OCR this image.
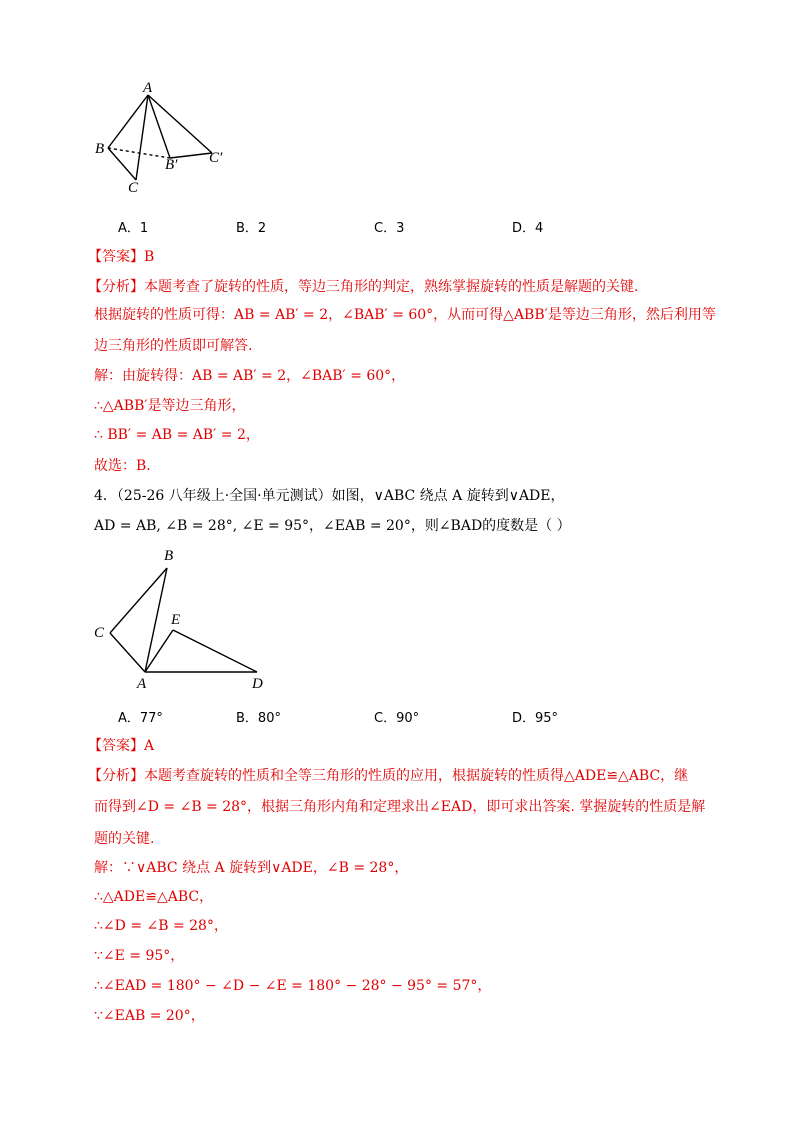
A
B
B′
C
C′
A．1	B．2	C．3	D．4
【答案】B
【分析】本题考查了旋转的性质，等边三角形的判定，熟练掌握旋转的性质是解题的关键.
根据旋转的性质可得：AB = AB′ = 2，∠BAB′ = 60°，从而可得△ABB′是等边三角形，然后利用等
边三角形的性质即可解答.
解：由旋转得：AB = AB′ = 2，∠BAB′ = 60°，
∴△ABB′是等边三角形，
∴ BB′ = AB = AB′ = 2，
故选：B.
4．（25-26 八年级上·全国·单元测试）如图，∨ABC 绕点 A 旋转到∨ADE，
AD = AB, ∠B = 28°, ∠E = 95°，∠EAB = 20°，则∠BAD的度数是（ ）
B
C
E
A	D
A．77°	B．80°	C．90°	D．95°
【答案】A
【分析】本题考查旋转的性质和全等三角形的性质的应用，根据旋转的性质得△ADE≌△ABC，继
而得到∠D = ∠B = 28°，根据三角形内角和定理求出∠EAD，即可求出答案. 掌握旋转的性质是解
题的关键.
解：∵∨ABC 绕点 A 旋转到∨ADE，∠B = 28°，
∴△ADE≌△ABC，
∴∠D = ∠B = 28°，
∵∠E = 95°，
∴∠EAD = 180° − ∠D − ∠E = 180° − 28° − 95° = 57°，
∵∠EAB = 20°，
